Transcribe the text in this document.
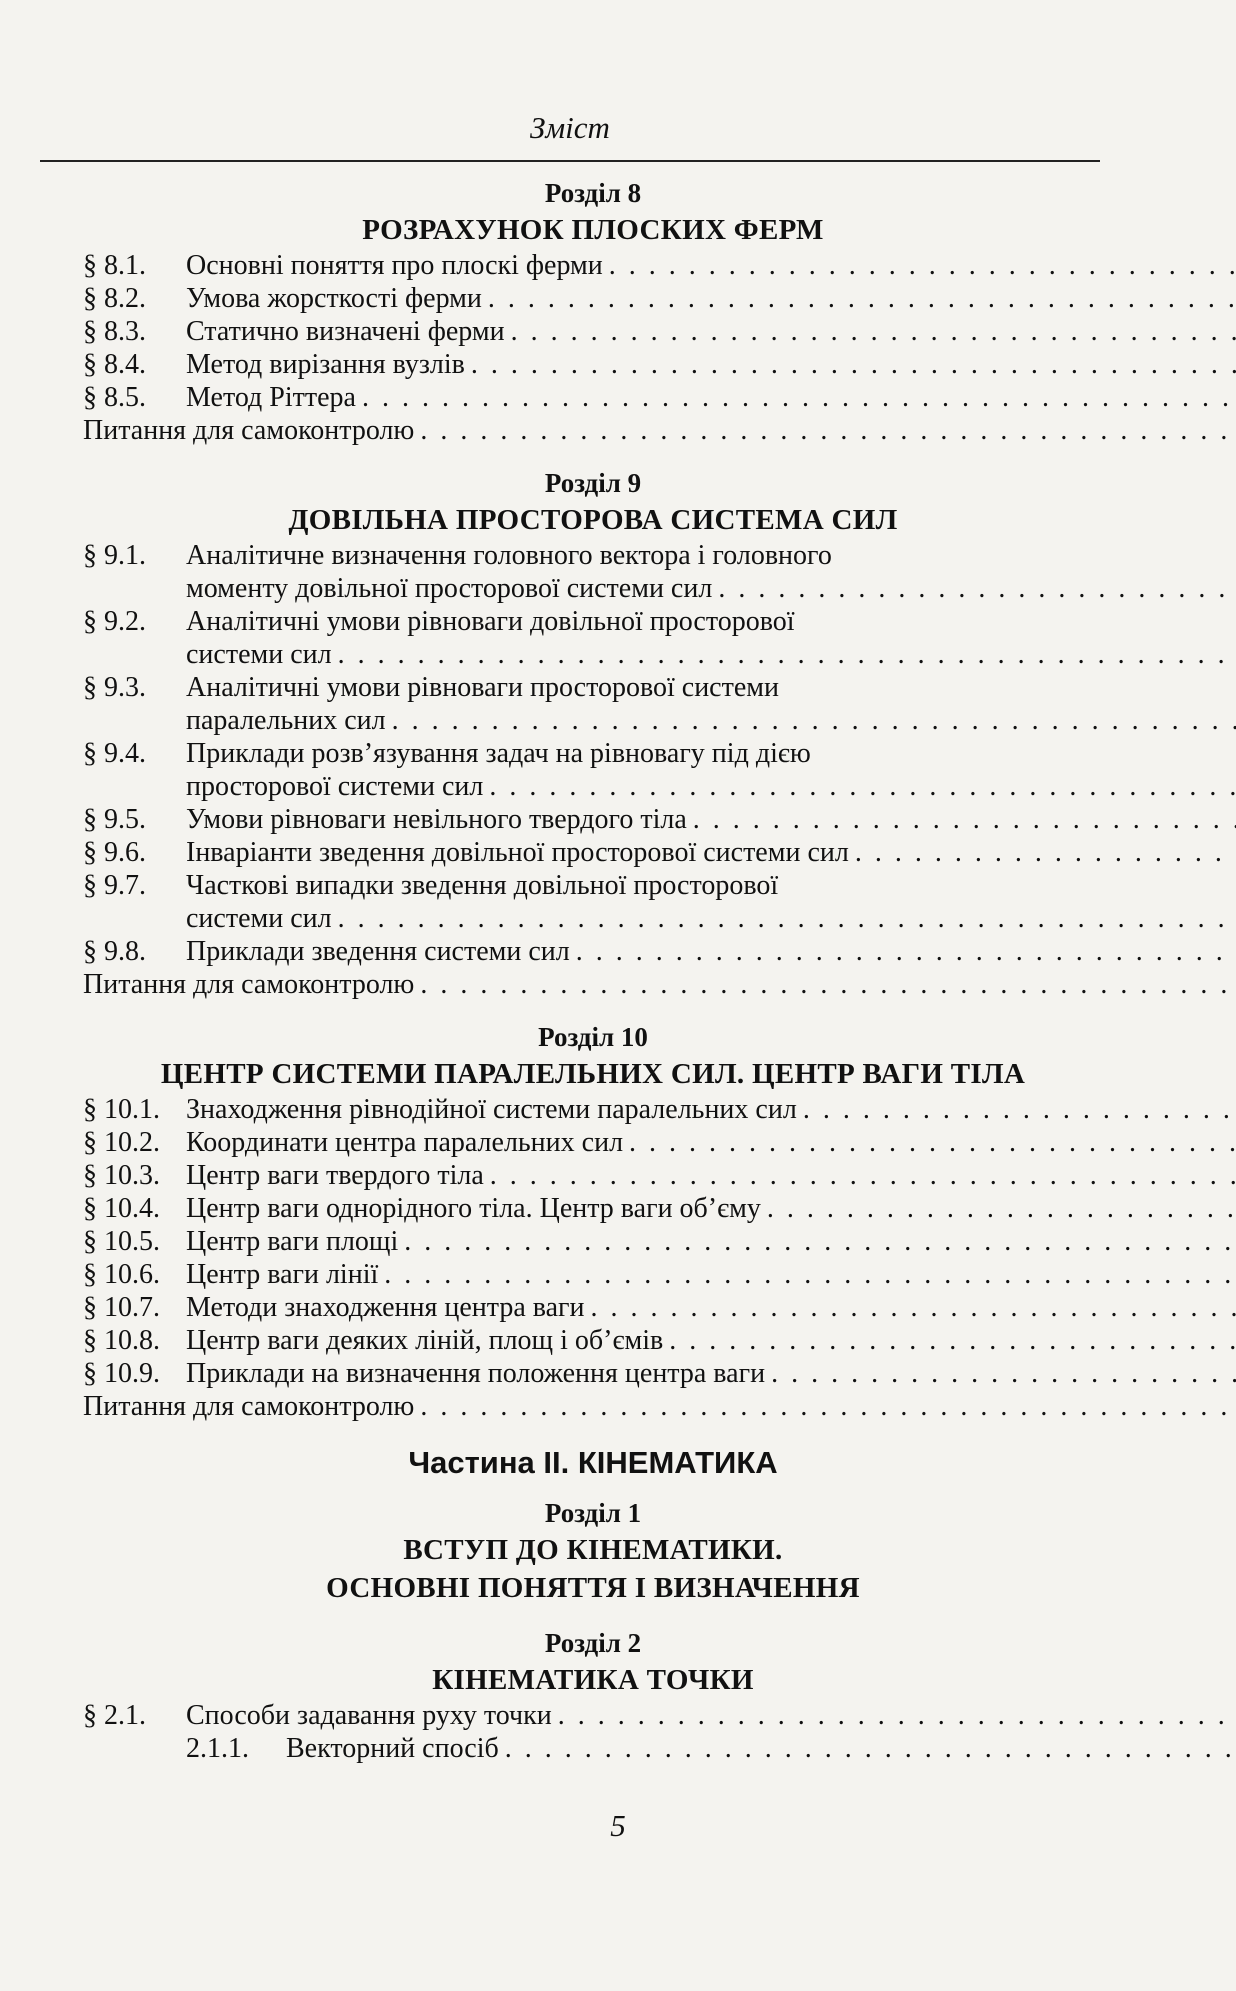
Зміст
Розділ 8
РОЗРАХУНОК ПЛОСКИХ ФЕРМ
§ 8.1.	Основні поняття про плоскі ферми
. . .
§ 8.2.	Умова жорсткості ферми
. . .
§ 8.3.	Статично визначені ферми
. . .
§ 8.4.	Метод вирізання вузлів
. . .
§ 8.5.	Метод Ріттера
. . .
Питання для самоконтролю
. . .
Розділ 9
ДОВІЛЬНА ПРОСТОРОВА СИСТЕМА СИЛ
§ 9.1.	Аналітичне визначення головного вектора і головного
моменту довільної просторової системи сил
. . .
§ 9.2.	Аналітичні умови рівноваги довільної просторової
системи сил
. . .
§ 9.3.	Аналітичні умови рівноваги просторової системи
паралельних сил
. . .
§ 9.4.	Приклади розв’язування задач на рівновагу під дією
просторової системи сил
. . .
§ 9.5.	Умови рівноваги невільного твердого тіла
. . .
§ 9.6.	Інваріанти зведення довільної просторової системи сил
. . .
§ 9.7.	Часткові випадки зведення довільної просторової
системи сил
. . .
§ 9.8.	Приклади зведення системи сил
. . .
Питання для самоконтролю
. . .
Розділ 10
ЦЕНТР СИСТЕМИ ПАРАЛЕЛЬНИХ СИЛ. ЦЕНТР ВАГИ ТІЛА
§ 10.1. Знаходження рівнодійної системи паралельних сил
. . .
§ 10.2. Координати центра паралельних сил
. . .
§ 10.3. Центр ваги твердого тіла
. . .
§ 10.4. Центр ваги однорідного тіла. Центр ваги об’єму
. . .
§ 10.5. Центр ваги площі
. . .
§ 10.6. Центр ваги лінії
. . .
§ 10.7. Методи знаходження центра ваги
. . .
§ 10.8. Центр ваги деяких ліній, площ і об’ємів
. . .
§ 10.9. Приклади на визначення положення центра ваги
. . .
Питання для самоконтролю
. . .
Частина ІІ. КІНЕМАТИКА
Розділ 1
ВСТУП ДО КІНЕМАТИКИ.
ОСНОВНІ ПОНЯТТЯ І ВИЗНАЧЕННЯ
Розділ 2
КІНЕМАТИКА ТОЧКИ
§ 2.1.	Способи задавання руху точки
. . .
2.1.1.	Векторний спосіб
. . .
5
